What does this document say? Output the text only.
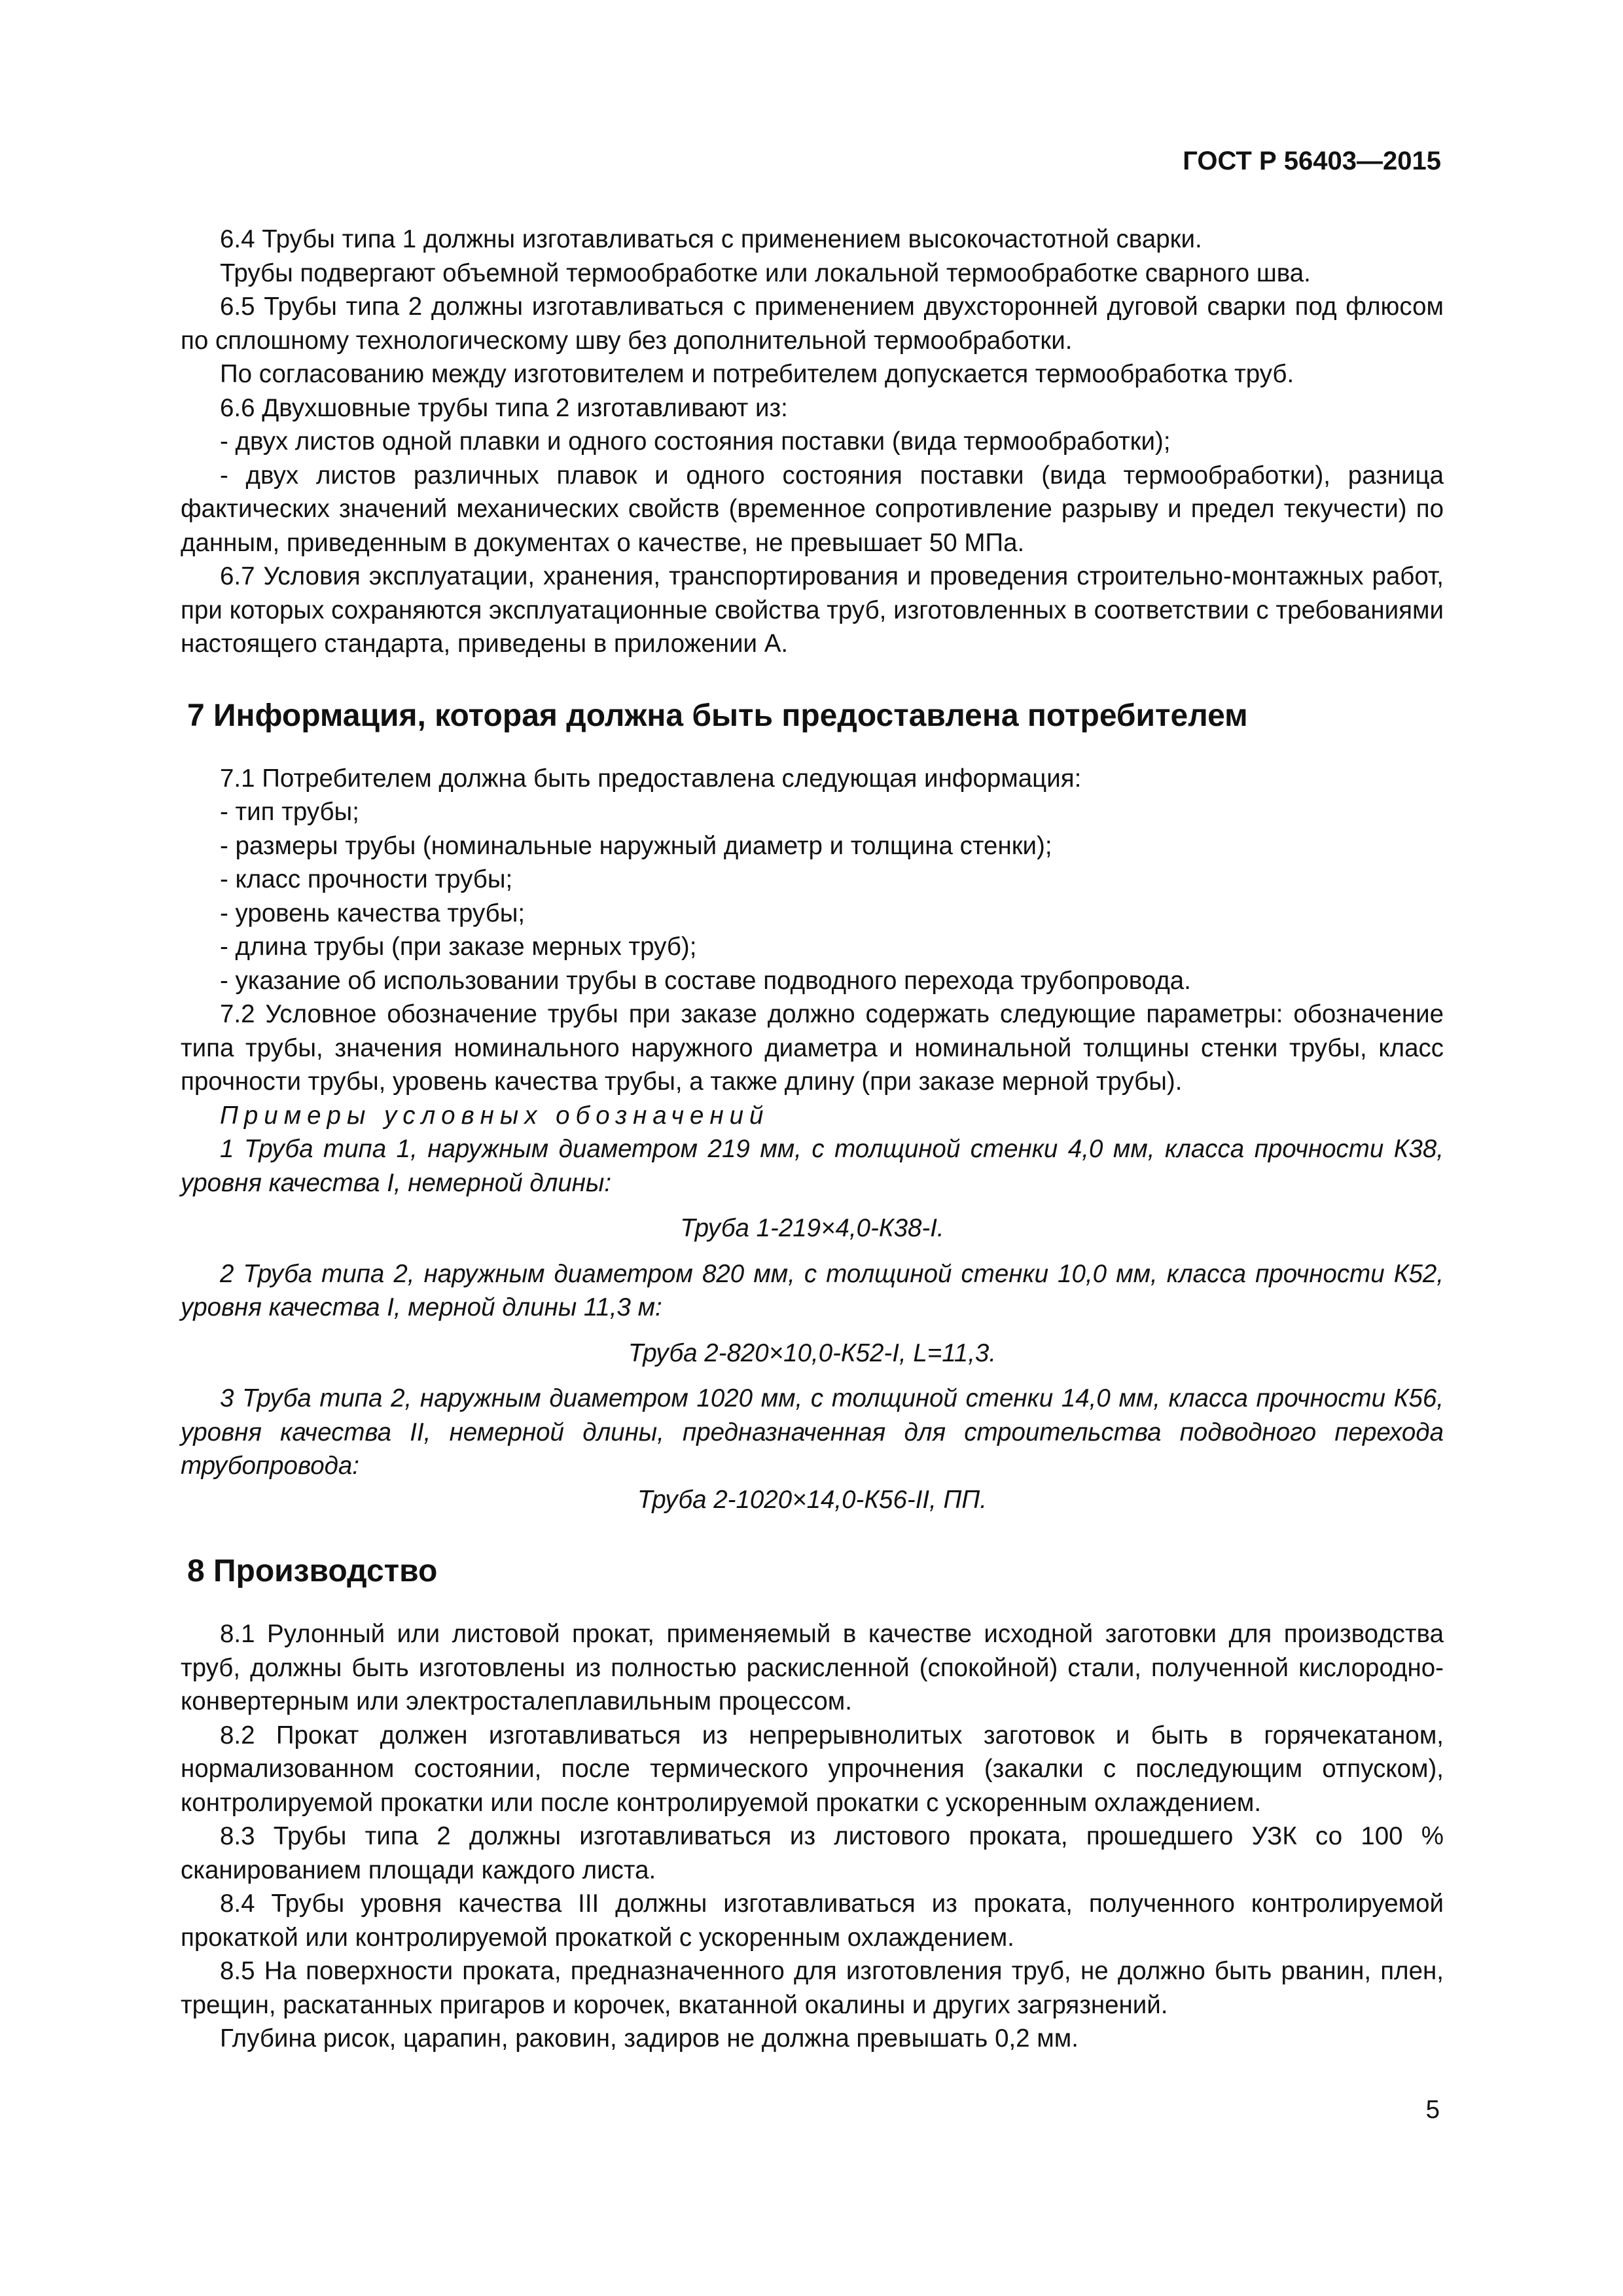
ГОСТ Р 56403—2015

6.4 Трубы типа 1 должны изготавливаться с применением высокочастотной сварки.

Трубы подвергают объемной термообработке или локальной термообработке сварного шва.

6.5 Трубы типа 2 должны изготавливаться с применением двухсторонней дуговой сварки под флюсом по сплошному технологическому шву без дополнительной термообработки.

По согласованию между изготовителем и потребителем допускается термообработка труб.

6.6 Двухшовные трубы типа 2 изготавливают из:

- двух листов одной плавки и одного состояния поставки (вида термообработки);

- двух листов различных плавок и одного состояния поставки (вида термообработки), разница фактических значений механических свойств (временное сопротивление разрыву и предел текучести) по данным, приведенным в документах о качестве, не превышает 50 МПа.

6.7 Условия эксплуатации, хранения, транспортирования и проведения строительно-монтажных работ, при которых сохраняются эксплуатационные свойства труб, изготовленных в соответствии с требованиями настоящего стандарта, приведены в приложении А.

7 Информация, которая должна быть предоставлена потребителем

7.1 Потребителем должна быть предоставлена следующая информация:

- тип трубы;

- размеры трубы (номинальные наружный диаметр и толщина стенки);

- класс прочности трубы;

- уровень качества трубы;

- длина трубы (при заказе мерных труб);

- указание об использовании трубы в составе подводного перехода трубопровода.

7.2 Условное обозначение трубы при заказе должно содержать следующие параметры: обозначение типа трубы, значения номинального наружного диаметра и номинальной толщины стенки трубы, класс прочности трубы, уровень качества трубы, а также длину (при заказе мерной трубы).

Примеры условных обозначений

1 Труба типа 1, наружным диаметром 219 мм, с толщиной стенки 4,0 мм, класса прочности К38, уровня качества I, немерной длины:

Труба 1-219×4,0-К38-I.

2 Труба типа 2, наружным диаметром 820 мм, с толщиной стенки 10,0 мм, класса прочности К52, уровня качества I, мерной длины 11,3 м:

Труба 2-820×10,0-К52-I, L=11,3.

3 Труба типа 2, наружным диаметром 1020 мм, с толщиной стенки 14,0 мм, класса прочности К56, уровня качества II, немерной длины, предназначенная для строительства подводного перехода трубопровода:

Труба 2-1020×14,0-К56-II, ПП.

8 Производство

8.1 Рулонный или листовой прокат, применяемый в качестве исходной заготовки для производства труб, должны быть изготовлены из полностью раскисленной (спокойной) стали, полученной кислородно-конвертерным или электросталеплавильным процессом.

8.2 Прокат должен изготавливаться из непрерывнолитых заготовок и быть в горячекатаном, нормализованном состоянии, после термического упрочнения (закалки с последующим отпуском), контролируемой прокатки или после контролируемой прокатки с ускоренным охлаждением.

8.3 Трубы типа 2 должны изготавливаться из листового проката, прошедшего УЗК со 100 % сканированием площади каждого листа.

8.4 Трубы уровня качества III должны изготавливаться из проката, полученного контролируемой прокаткой или контролируемой прокаткой с ускоренным охлаждением.

8.5 На поверхности проката, предназначенного для изготовления труб, не должно быть рванин, плен, трещин, раскатанных пригаров и корочек, вкатанной окалины и других загрязнений.

Глубина рисок, царапин, раковин, задиров не должна превышать 0,2 мм.

5
